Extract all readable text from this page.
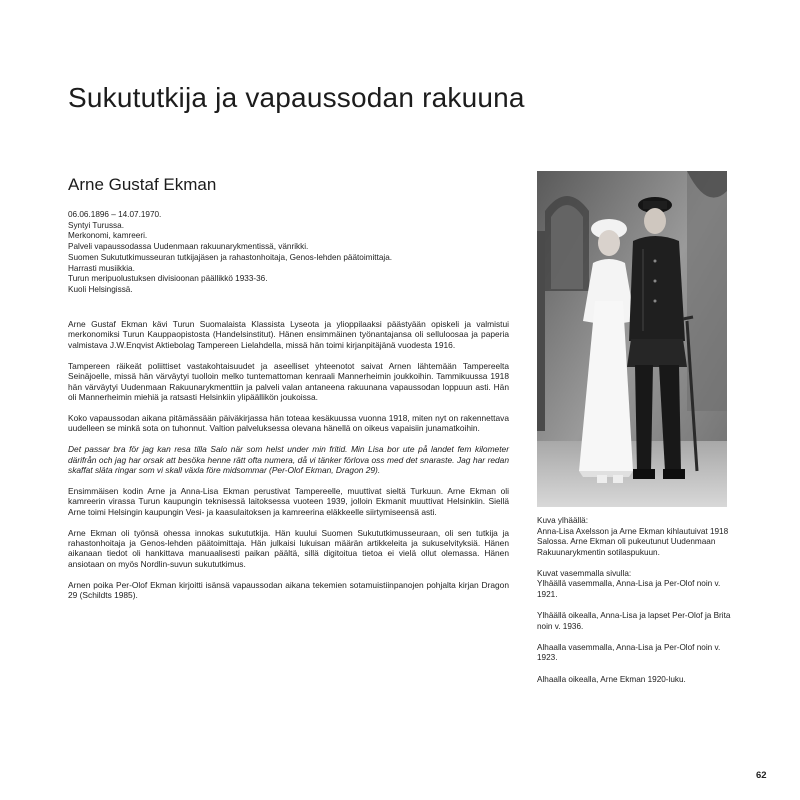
Sukututkija ja vapaussodan rakuuna
Arne Gustaf Ekman
06.06.1896 – 14.07.1970.
Syntyi Turussa.
Merkonomi, kamreeri.
Palveli vapaussodassa Uudenmaan rakuunarykmentissä, vänrikki.
Suomen Sukututkimusseuran tutkijajäsen ja rahastonhoitaja, Genos-lehden päätoimittaja.
Harrasti musiikkia.
Turun meripuolustuksen divisioonan päällikkö 1933-36.
Kuoli Helsingissä.

Arne Gustaf Ekman kävi Turun Suomalaista Klassista Lyseota ja ylioppilaaksi päästyään opiskeli ja valmistui merkonomiksi Turun Kauppaopistosta (Handelsinstitut). Hänen ensimmäinen työnantajansa oli selluloosaa ja paperia valmistava J.W.Enqvist Aktiebolag Tampereen Lielahdella, missä hän toimi kirjanpitäjänä vuodesta 1916.

Tampereen räikeät poliittiset vastakohtaisuudet ja aseelliset yhteenotot saivat Arnen lähtemään Tampereelta Seinäjoelle, missä hän värväytyi tuolloin melko tuntemattoman kenraali Mannerheimin joukkoihin. Tammikuussa 1918 hän värväytyi Uudenmaan Rakuunarykmenttiin ja palveli valan antaneena rakuunana vapaussodan loppuun asti. Hän oli Mannerheimin miehiä ja ratsasti Helsinkiin ylipäällikön joukoissa.

Koko vapaussodan aikana pitämässään päiväkirjassa hän toteaa kesäkuussa vuonna 1918, miten nyt on rakennettava uudelleen se minkä sota on tuhonnut. Valtion palveluksessa olevana hänellä on oikeus vapaisiin junamatkoihin.

Det passar bra för jag kan resa tilla Salo när som helst under min fritid. Min Lisa bor ute på landet fem kilometer därifrån och jag har orsak att besöka henne rätt ofta numera, då vi tänker förlova oss med det snaraste. Jag har redan skaffat släta ringar som vi skall växla före midsommar (Per-Olof Ekman, Dragon 29).

Ensimmäisen kodin Arne ja Anna-Lisa Ekman perustivat Tampereelle, muuttivat sieltä Turkuun. Arne Ekman oli kamreerin virassa Turun kaupungin teknisessä laitoksessa vuoteen 1939, jolloin Ekmanit muuttivat Helsinkiin. Siellä Arne toimi Helsingin kaupungin Vesi- ja kaasulaitoksen ja kamreerina eläkkeelle siirtymiseensä asti.

Arne Ekman oli työnsä ohessa innokas sukututkija. Hän kuului Suomen Sukututkimusseuraan, oli sen tutkija ja rahastonhoitaja ja Genos-lehden päätoimittaja. Hän julkaisi lukuisan määrän artikkeleita ja sukuselvityksiä. Hänen aikanaan tiedot oli hankittava manuaalisesti paikan päältä, sillä digitoitua tietoa ei vielä ollut olemassa. Hänen ansiotaan on myös Nordlin-suvun sukututkimus.

Arnen poika Per-Olof Ekman kirjoitti isänsä vapaussodan aikana tekemien sotamuistiinpanojen pohjalta kirjan Dragon 29 (Schildts 1985).

Kuva ylhäällä:
Anna-Lisa Axelsson ja Arne Ekman kihlautuivat 1918 Salossa. Arne Ekman oli pukeutunut Uudenmaan Rakuunarykmentin sotilaspukuun.

Kuvat vasemmalla sivulla:
Ylhäällä vasemmalla, Anna-Lisa ja Per-Olof noin v. 1921.

Ylhäällä oikealla, Anna-Lisa ja lapset Per-Olof ja Brita noin v. 1936.

Alhaalla vasemmalla, Anna-Lisa ja Per-Olof noin v. 1923.

Alhaalla oikealla, Arne Ekman 1920-luku.

62
